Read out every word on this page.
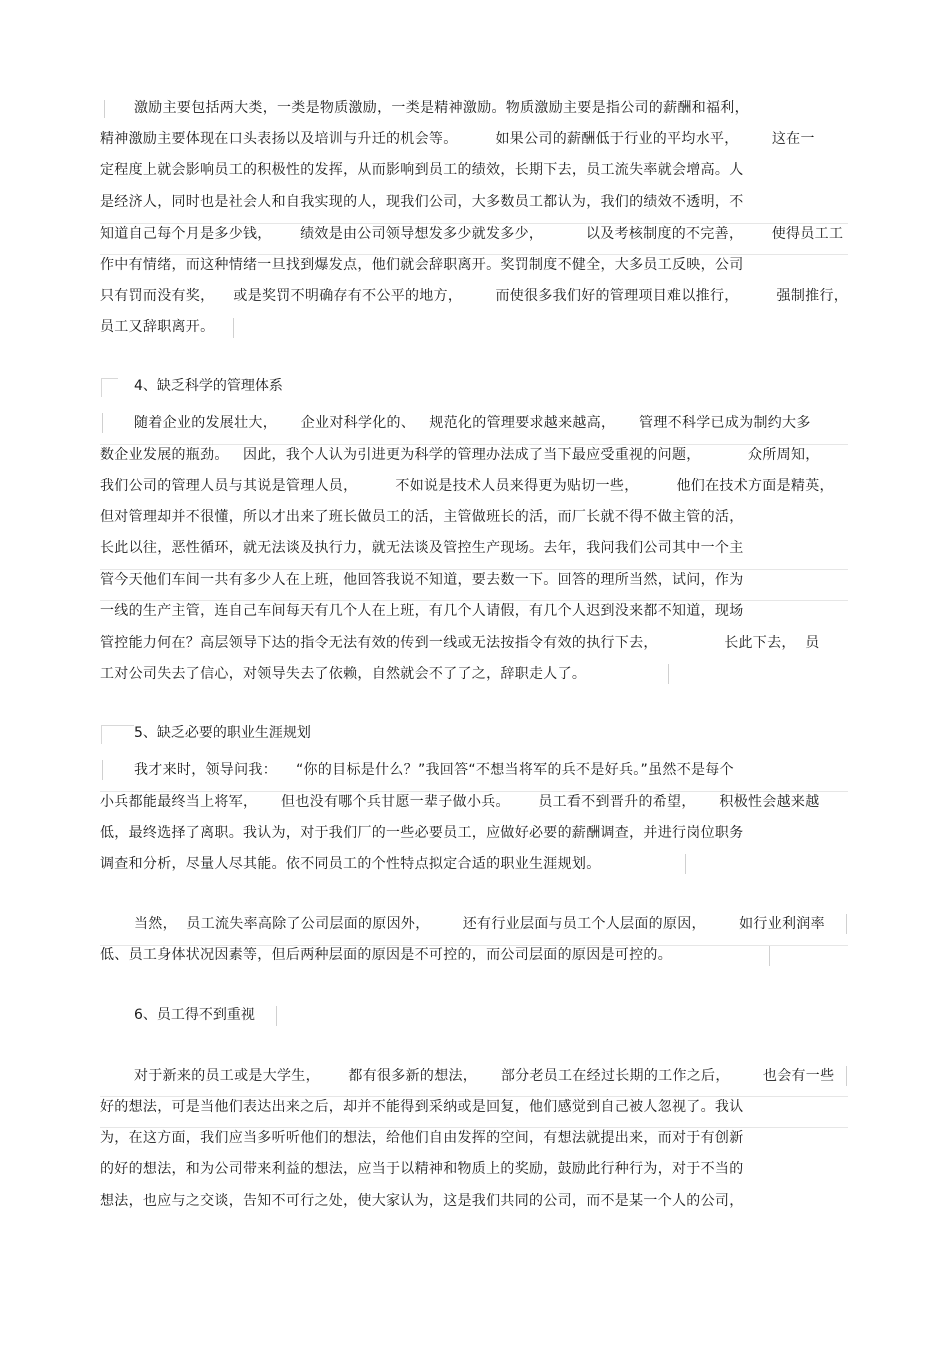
激励主要包括两大类，一类是物质激励，一类是精神激励。物质激励主要是指公司的薪酬和福利，
精神激励主要体现在口头表扬以及培训与升迁的机会等。        如果公司的薪酬低于行业的平均水平，       这在一
定程度上就会影响员工的积极性的发挥，从而影响到员工的绩效，长期下去，员工流失率就会增高。人
是经济人，同时也是社会人和自我实现的人，现我们公司，大多数员工都认为，我们的绩效不透明，不
知道自己每个月是多少钱，      绩效是由公司领导想发多少就发多少，         以及考核制度的不完善，      使得员工工
作中有情绪，而这种情绪一旦找到爆发点，他们就会辞职离开。奖罚制度不健全，大多员工反映，公司
只有罚而没有奖，    或是奖罚不明确存有不公平的地方，       而使很多我们好的管理项目难以推行，        强制推行，
员工又辞职离开。
4、缺乏科学的管理体系
随着企业的发展壮大，     企业对科学化的、   规范化的管理要求越来越高，     管理不科学已成为制约大多
数企业发展的瓶劲。   因此，我个人认为引进更为科学的管理办法成了当下最应受重视的问题，          众所周知，
我们公司的管理人员与其说是管理人员，        不如说是技术人员来得更为贴切一些，        他们在技术方面是精英，
但对管理却并不很懂，所以才出来了班长做员工的活，主管做班长的活，而厂长就不得不做主管的活，
长此以往，恶性循环，就无法谈及执行力，就无法谈及管控生产现场。去年，我问我们公司其中一个主
管今天他们车间一共有多少人在上班，他回答我说不知道，要去数一下。回答的理所当然，试问，作为
一线的生产主管，连自己车间每天有几个人在上班，有几个人请假，有几个人迟到没来都不知道，现场
管控能力何在？高层领导下达的指令无法有效的传到一线或无法按指令有效的执行下去，              长此下去，  员
工对公司失去了信心，对领导失去了依赖，自然就会不了了之，辞职走人了。
5、缺乏必要的职业生涯规划
我才来时，领导问我：    “你的目标是什么？”我回答“不想当将军的兵不是好兵。”虽然不是每个
小兵都能最终当上将军，     但也没有哪个兵甘愿一辈子做小兵。      员工看不到晋升的希望，     积极性会越来越
低，最终选择了离职。我认为，对于我们厂的一些必要员工，应做好必要的薪酬调查，并进行岗位职务
调查和分析，尽量人尽其能。依不同员工的个性特点拟定合适的职业生涯规划。
当然，  员工流失率高除了公司层面的原因外，       还有行业层面与员工个人层面的原因，       如行业利润率
低、员工身体状况因素等，但后两种层面的原因是不可控的，而公司层面的原因是可控的。
6、员工得不到重视
对于新来的员工或是大学生，      都有很多新的想法，     部分老员工在经过长期的工作之后，       也会有一些
好的想法，可是当他们表达出来之后，却并不能得到采纳或是回复，他们感觉到自己被人忽视了。我认
为，在这方面，我们应当多听听他们的想法，给他们自由发挥的空间，有想法就提出来，而对于有创新
的好的想法，和为公司带来利益的想法，应当于以精神和物质上的奖励，鼓励此行种行为，对于不当的
想法，也应与之交谈，告知不可行之处，使大家认为，这是我们共同的公司，而不是某一个人的公司，
